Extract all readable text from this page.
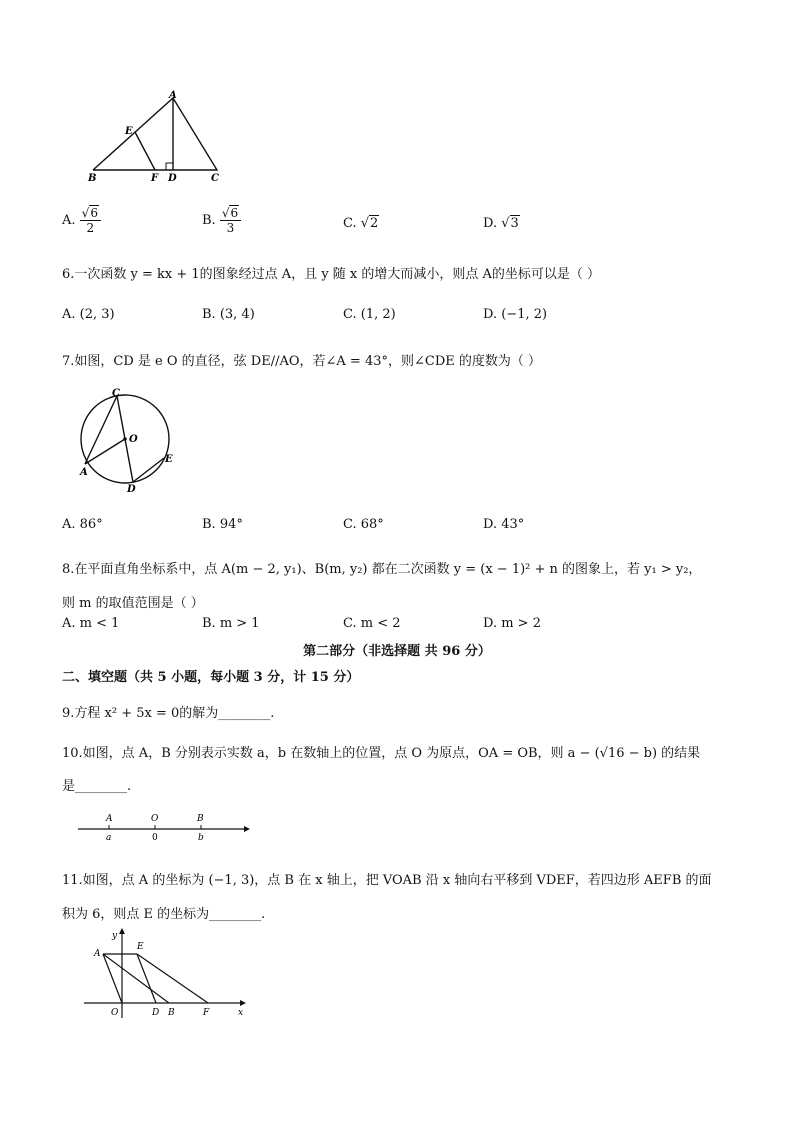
A
E
B	F D	C
A. $\frac{√6}{2}$	B. $\frac{√6}{3}$	C. √2	D. √3
6.一次函数 y = kx + 1的图象经过点 A，且 y 随 x 的增大而减小，则点 A的坐标可以是（ ）
A. (2, 3)	B. (3, 4)	C. (1, 2)	D. (−1, 2)
7.如图，CD 是 e O 的直径，弦 DE//AO，若∠A = 43°，则∠CDE 的度数为（ ）
C
O
A
E
D
A. 86°	B. 94°	C. 68°	D. 43°
8.在平面直角坐标系中，点 A(m − 2, y₁)、B(m, y₂) 都在二次函数 y = (x − 1)² + n 的图象上，若 y₁ > y₂，
则 m 的取值范围是（ ）
A. m < 1	B. m > 1	C. m < 2	D. m > 2
第二部分（非选择题 共 96 分）
二、填空题（共 5 小题，每小题 3 分，计 15 分）
9.方程 x² + 5x = 0的解为________.
10.如图，点 A，B 分别表示实数 a，b 在数轴上的位置，点 O 为原点，OA = OB，则 a − (√16 − b) 的结果
是________.
A	O	B
a	0	b
11.如图，点 A 的坐标为 (−1, 3)，点 B 在 x 轴上，把 VOAB 沿 x 轴向右平移到 VDEF，若四边形 AEFB 的面
积为 6，则点 E 的坐标为________.
y
x
A
E
O	D B	F
